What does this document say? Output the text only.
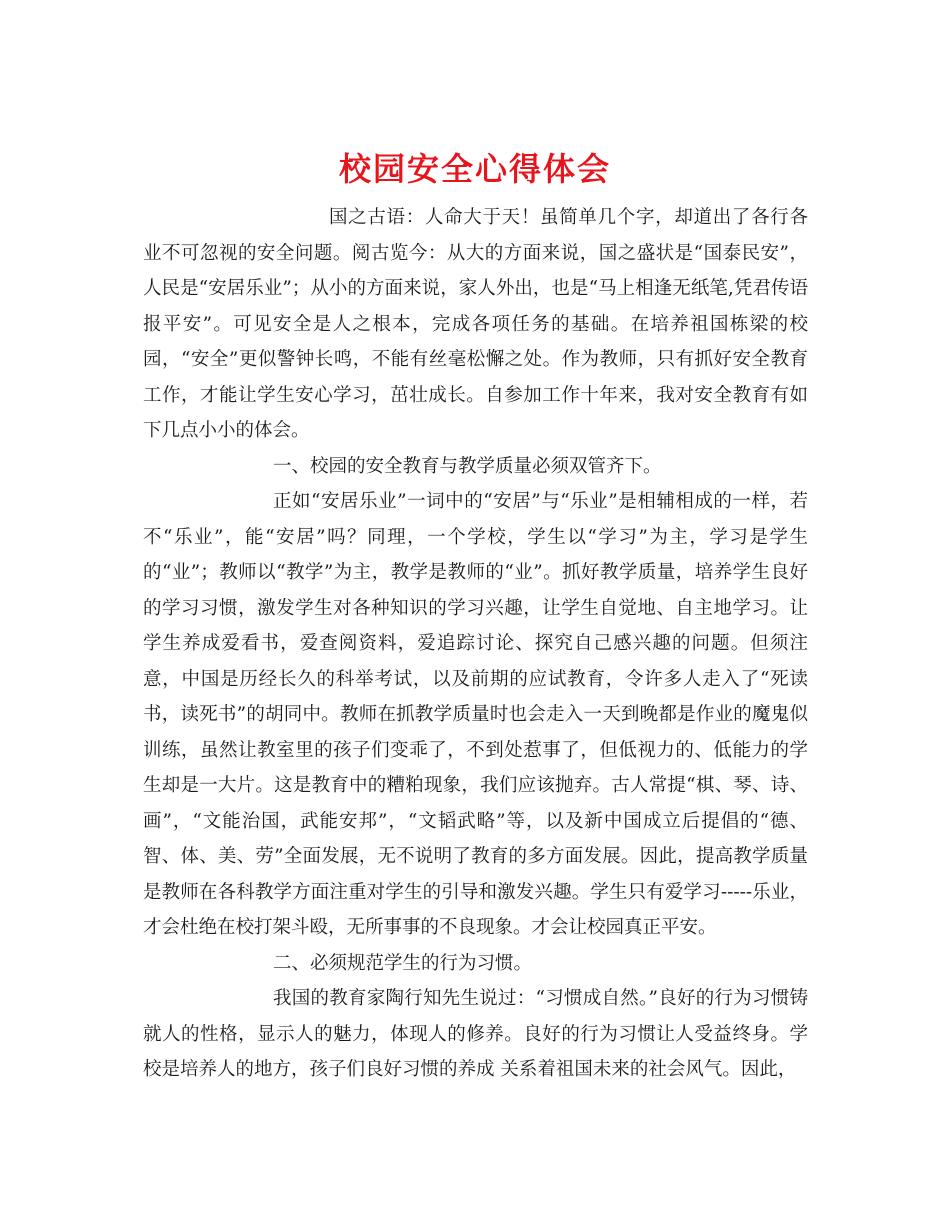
校园安全心得体会

国之古语：人命大于天！虽简单几个字，却道出了各行各业不可忽视的安全问题。阅古览今：从大的方面来说，国之盛状是“国泰民安”，人民是“安居乐业”；从小的方面来说，家人外出，也是“马上相逢无纸笔,凭君传语报平安”。可见安全是人之根本，完成各项任务的基础。在培养祖国栋梁的校园，“安全”更似警钟长鸣，不能有丝毫松懈之处。作为教师，只有抓好安全教育工作，才能让学生安心学习，茁壮成长。自参加工作十年来，我对安全教育有如下几点小小的体会。

一、校园的安全教育与教学质量必须双管齐下。

正如“安居乐业”一词中的“安居”与“乐业”是相辅相成的一样，若不“乐业”，能“安居”吗？同理，一个学校，学生以“学习”为主，学习是学生的“业”；教师以“教学”为主，教学是教师的“业”。抓好教学质量，培养学生良好的学习习惯，激发学生对各种知识的学习兴趣，让学生自觉地、自主地学习。让学生养成爱看书，爱查阅资料，爱追踪讨论、探究自己感兴趣的问题。但须注意，中国是历经长久的科举考试，以及前期的应试教育，令许多人走入了“死读书，读死书”的胡同中。教师在抓教学质量时也会走入一天到晚都是作业的魔鬼似训练，虽然让教室里的孩子们变乖了，不到处惹事了，但低视力的、低能力的学生却是一大片。这是教育中的糟粕现象，我们应该抛弃。古人常提“棋、琴、诗、画”，“文能治国，武能安邦”，“文韬武略”等，以及新中国成立后提倡的“德、智、体、美、劳”全面发展，无不说明了教育的多方面发展。因此，提高教学质量是教师在各科教学方面注重对学生的引导和激发兴趣。学生只有爱学习-----乐业，才会杜绝在校打架斗殴，无所事事的不良现象。才会让校园真正平安。

二、必须规范学生的行为习惯。

我国的教育家陶行知先生说过：“习惯成自然。”良好的行为习惯铸就人的性格，显示人的魅力，体现人的修养。良好的行为习惯让人受益终身。学校是培养人的地方，孩子们良好习惯的养成 关系着祖国未来的社会风气。因此，
